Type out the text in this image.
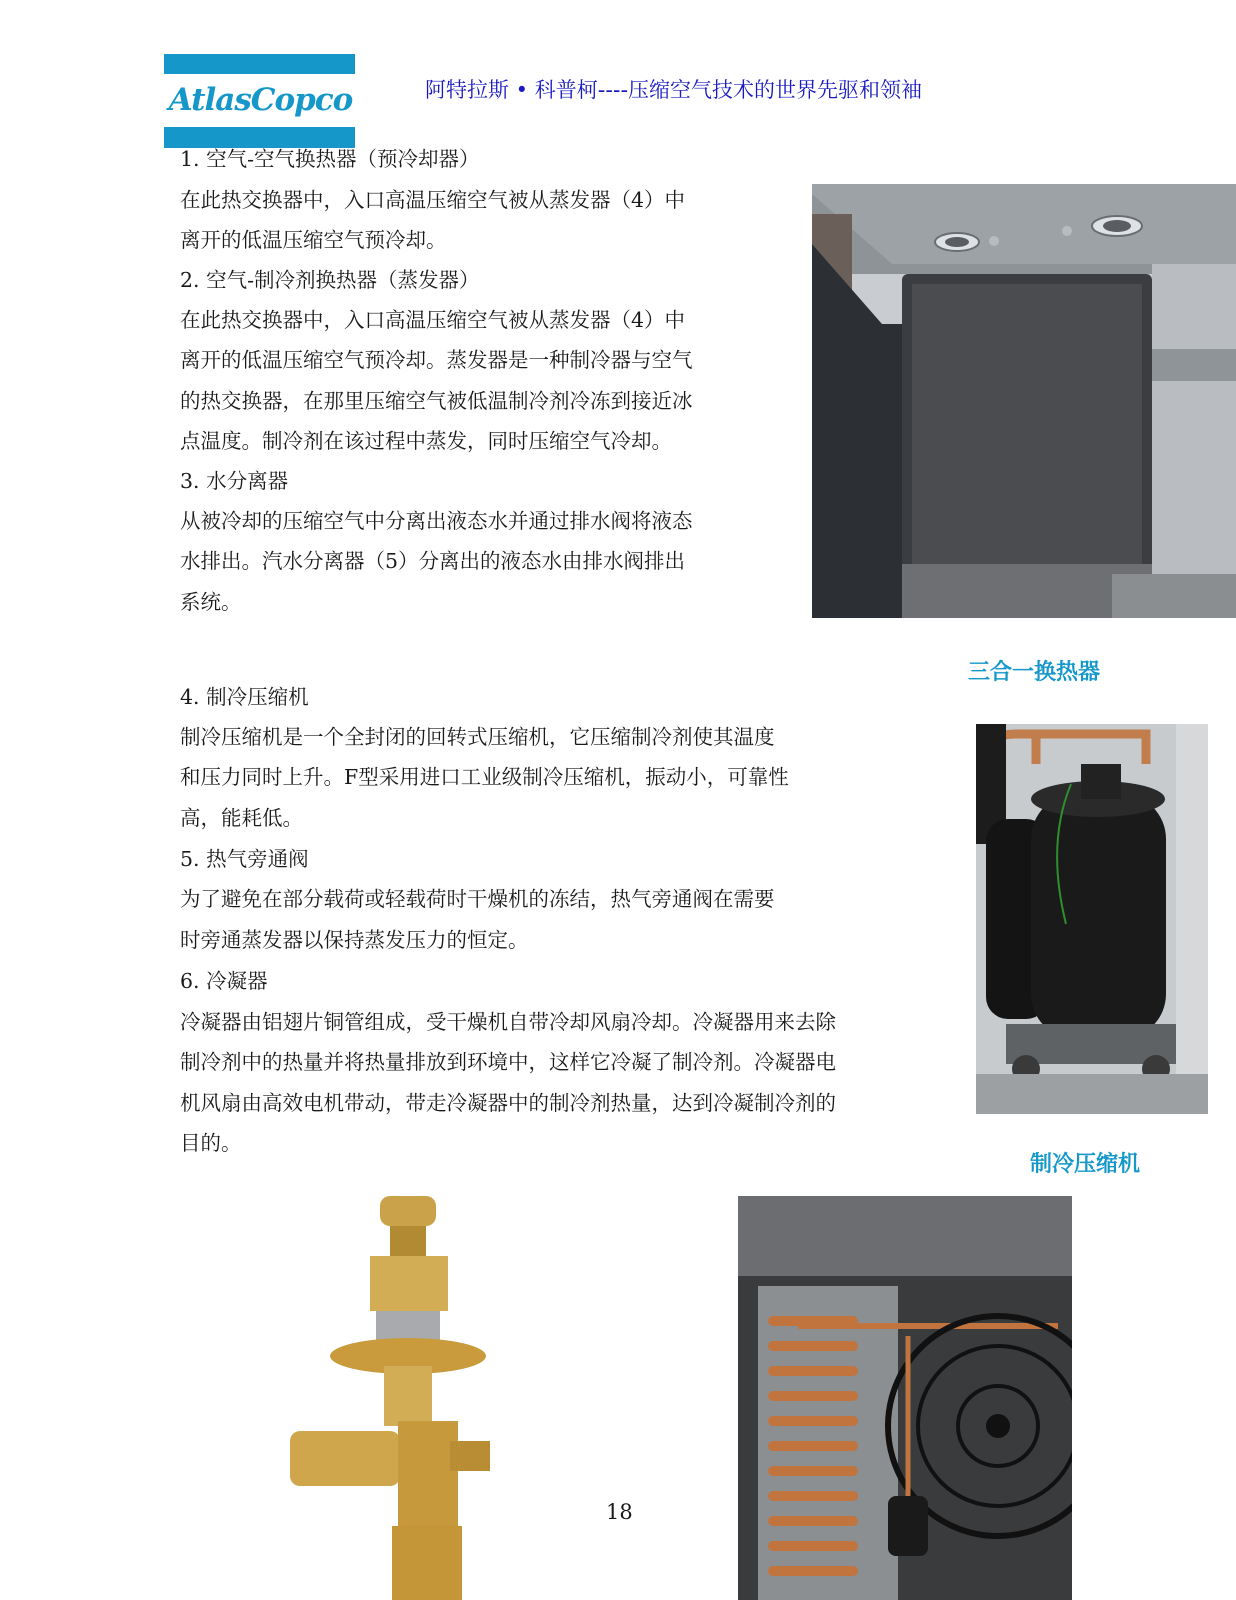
AtlasCopco	阿特拉斯 • 科普柯----压缩空气技术的世界先驱和领袖
1. 空气-空气换热器（预冷却器）
在此热交换器中，入口高温压缩空气被从蒸发器（4）中
离开的低温压缩空气预冷却。
2. 空气-制冷剂换热器（蒸发器）
在此热交换器中，入口高温压缩空气被从蒸发器（4）中
离开的低温压缩空气预冷却。蒸发器是一种制冷器与空气
的热交换器，在那里压缩空气被低温制冷剂冷冻到接近冰
点温度。制冷剂在该过程中蒸发，同时压缩空气冷却。
3. 水分离器
从被冷却的压缩空气中分离出液态水并通过排水阀将液态
水排出。汽水分离器（5）分离出的液态水由排水阀排出
系统。
三合一换热器
4. 制冷压缩机
制冷压缩机是一个全封闭的回转式压缩机，它压缩制冷剂使其温度
和压力同时上升。F型采用进口工业级制冷压缩机，振动小，可靠性
高，能耗低。
5. 热气旁通阀
为了避免在部分载荷或轻载荷时干燥机的冻结，热气旁通阀在需要
时旁通蒸发器以保持蒸发压力的恒定。
6. 冷凝器
冷凝器由铝翅片铜管组成，受干燥机自带冷却风扇冷却。冷凝器用来去除
制冷剂中的热量并将热量排放到环境中，这样它冷凝了制冷剂。冷凝器电
机风扇由高效电机带动，带走冷凝器中的制冷剂热量，达到冷凝制冷剂的
目的。
制冷压缩机
18
